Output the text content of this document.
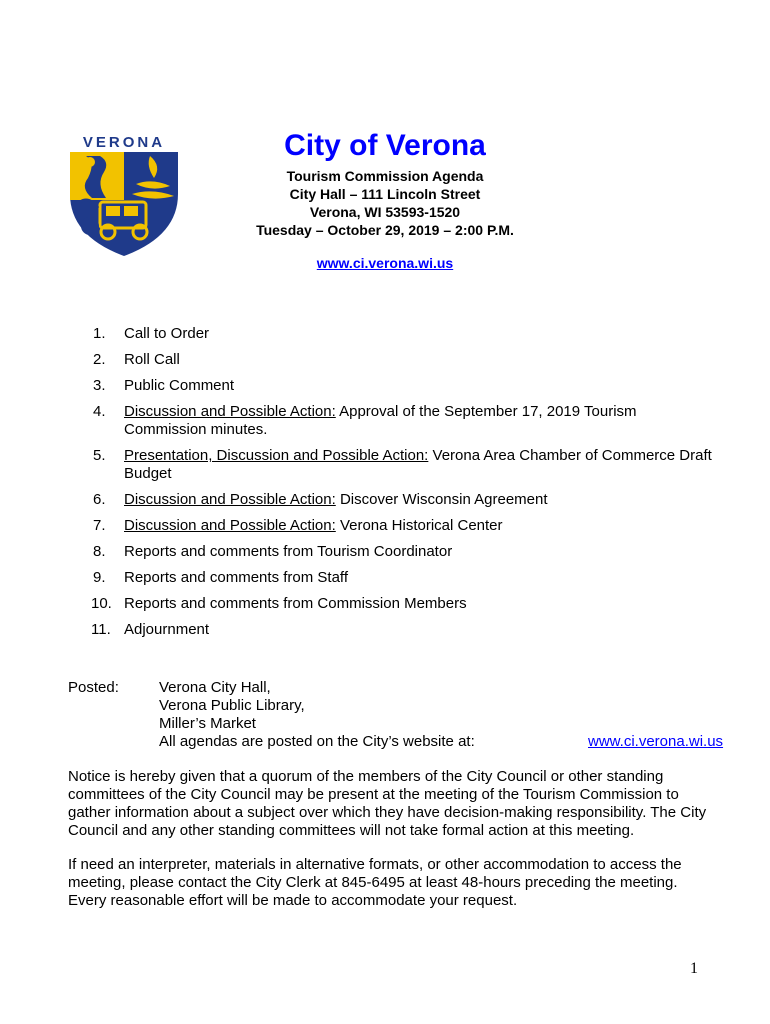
VERONA	City of Verona
Tourism Commission Agenda
City Hall – 111 Lincoln Street
Verona, WI 53593-1520
Tuesday – October 29, 2019 – 2:00 P.M.
www.ci.verona.wi.us
1.	Call to Order
2.	Roll Call
3.	Public Comment
4.	Discussion and Possible Action: Approval of the September 17, 2019 Tourism Commission minutes.
5.	Presentation, Discussion and Possible Action: Verona Area Chamber of Commerce Draft Budget
6.	Discussion and Possible Action: Discover Wisconsin Agreement
7.	Discussion and Possible Action: Verona Historical Center
8.	Reports and comments from Tourism Coordinator
9.	Reports and comments from Staff
10. Reports and comments from Commission Members
11. Adjournment
Posted:	Verona City Hall,
Verona Public Library,
Miller’s Market
All agendas are posted on the City’s website at:	www.ci.verona.wi.us
Notice is hereby given that a quorum of the members of the City Council or other standing committees of the City Council may be present at the meeting of the Tourism Commission to gather information about a subject over which they have decision-making responsibility. The City Council and any other standing committees will not take formal action at this meeting.
If need an interpreter, materials in alternative formats, or other accommodation to access the meeting, please contact the City Clerk at 845-6495 at least 48-hours preceding the meeting. Every reasonable effort will be made to accommodate your request.
1
